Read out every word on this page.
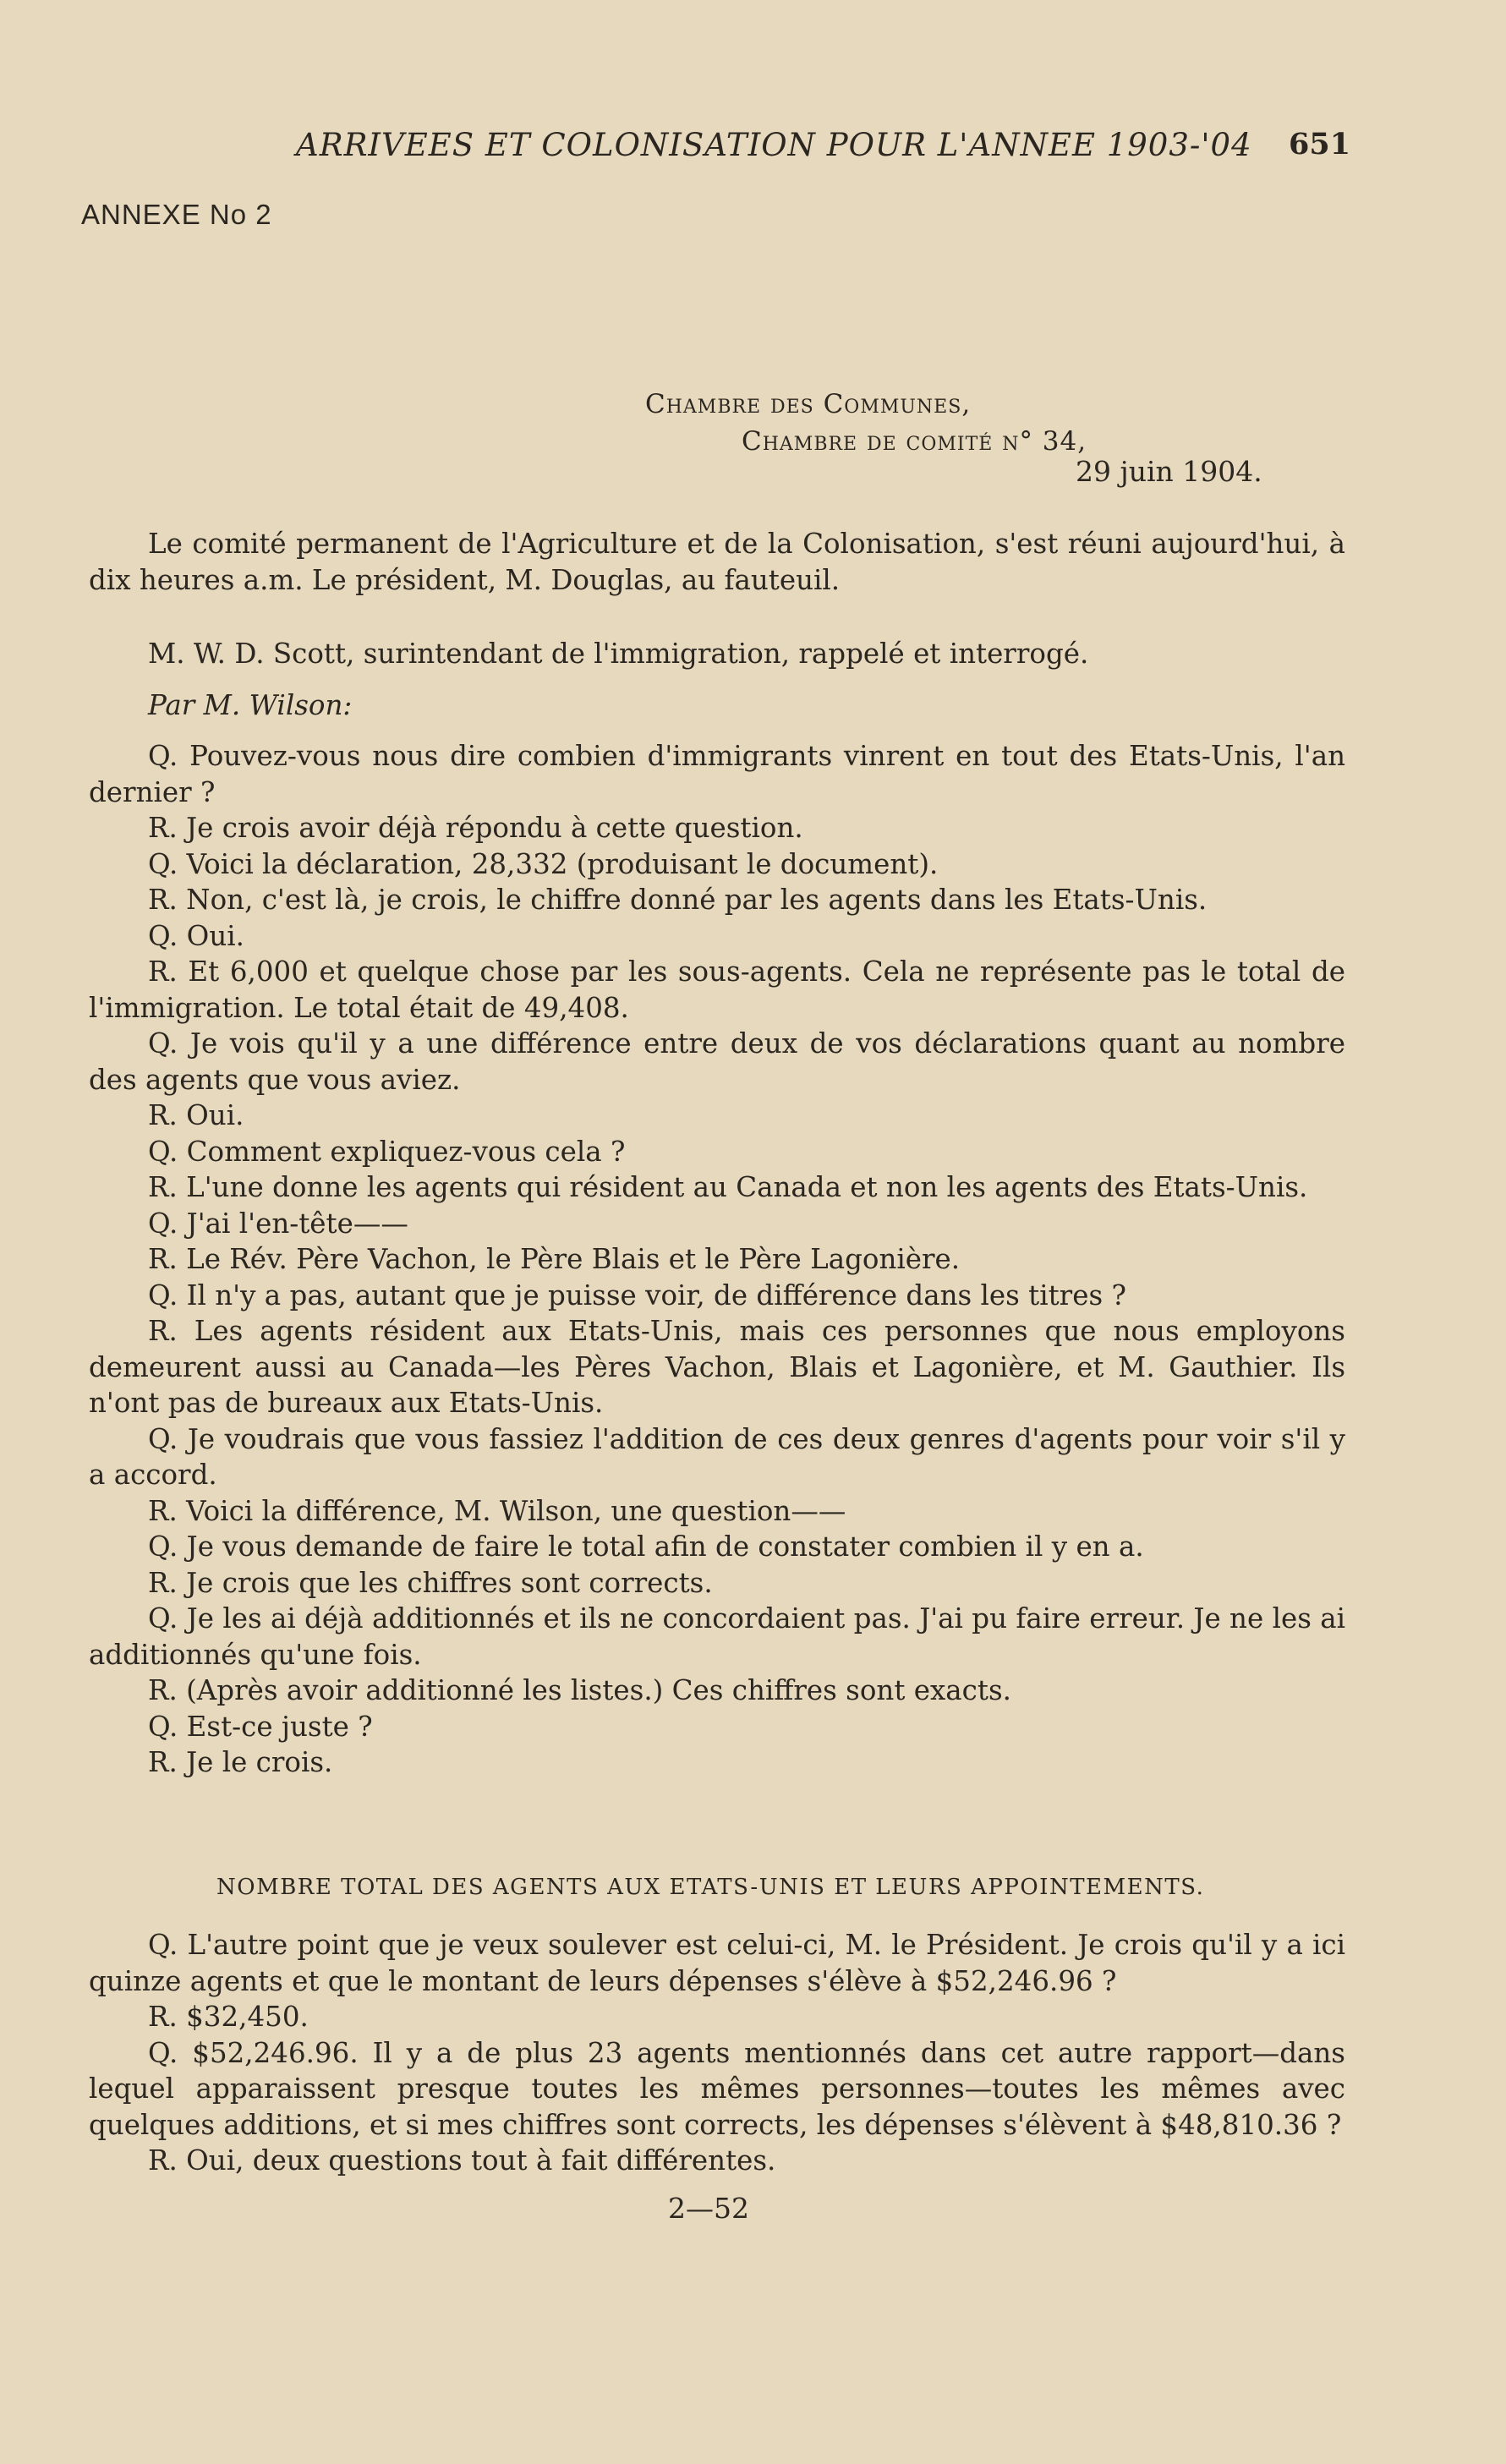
ARRIVEES ET COLONISATION POUR L'ANNEE 1903-'04 651
ANNEXE No 2
Chambre des Communes,
Chambre de comité n° 34,
29 juin 1904.

Le comité permanent de l'Agriculture et de la Colonisation, s'est réuni aujourd'hui, à dix heures a.m. Le président, M. Douglas, au fauteuil.

M. W. D. Scott, surintendant de l'immigration, rappelé et interrogé.

Par M. Wilson:

Q. Pouvez-vous nous dire combien d'immigrants vinrent en tout des Etats-Unis, l'an dernier ?

R. Je crois avoir déjà répondu à cette question.

Q. Voici la déclaration, 28,332 (produisant le document).

R. Non, c'est là, je crois, le chiffre donné par les agents dans les Etats-Unis.

Q. Oui.

R. Et 6,000 et quelque chose par les sous-agents. Cela ne représente pas le total de l'immigration. Le total était de 49,408.

Q. Je vois qu'il y a une différence entre deux de vos déclarations quant au nombre des agents que vous aviez.

R. Oui.

Q. Comment expliquez-vous cela ?

R. L'une donne les agents qui résident au Canada et non les agents des Etats-Unis.

Q. J'ai l'en-tête——

R. Le Rév. Père Vachon, le Père Blais et le Père Lagonière.

Q. Il n'y a pas, autant que je puisse voir, de différence dans les titres ?

R. Les agents résident aux Etats-Unis, mais ces personnes que nous employons demeurent aussi au Canada—les Pères Vachon, Blais et Lagonière, et M. Gauthier. Ils n'ont pas de bureaux aux Etats-Unis.

Q. Je voudrais que vous fassiez l'addition de ces deux genres d'agents pour voir s'il y a accord.

R. Voici la différence, M. Wilson, une question——

Q. Je vous demande de faire le total afin de constater combien il y en a.

R. Je crois que les chiffres sont corrects.

Q. Je les ai déjà additionnés et ils ne concordaient pas. J'ai pu faire erreur. Je ne les ai additionnés qu'une fois.

R. (Après avoir additionné les listes.) Ces chiffres sont exacts.

Q. Est-ce juste ?

R. Je le crois.

NOMBRE TOTAL DES AGENTS AUX ETATS-UNIS ET LEURS APPOINTEMENTS.

Q. L'autre point que je veux soulever est celui-ci, M. le Président. Je crois qu'il y a ici quinze agents et que le montant de leurs dépenses s'élève à $52,246.96 ?

R. $32,450.

Q. $52,246.96. Il y a de plus 23 agents mentionnés dans cet autre rapport—dans lequel apparaissent presque toutes les mêmes personnes—toutes les mêmes avec quelques additions, et si mes chiffres sont corrects, les dépenses s'élèvent à $48,810.36 ?

R. Oui, deux questions tout à fait différentes.

2—52
